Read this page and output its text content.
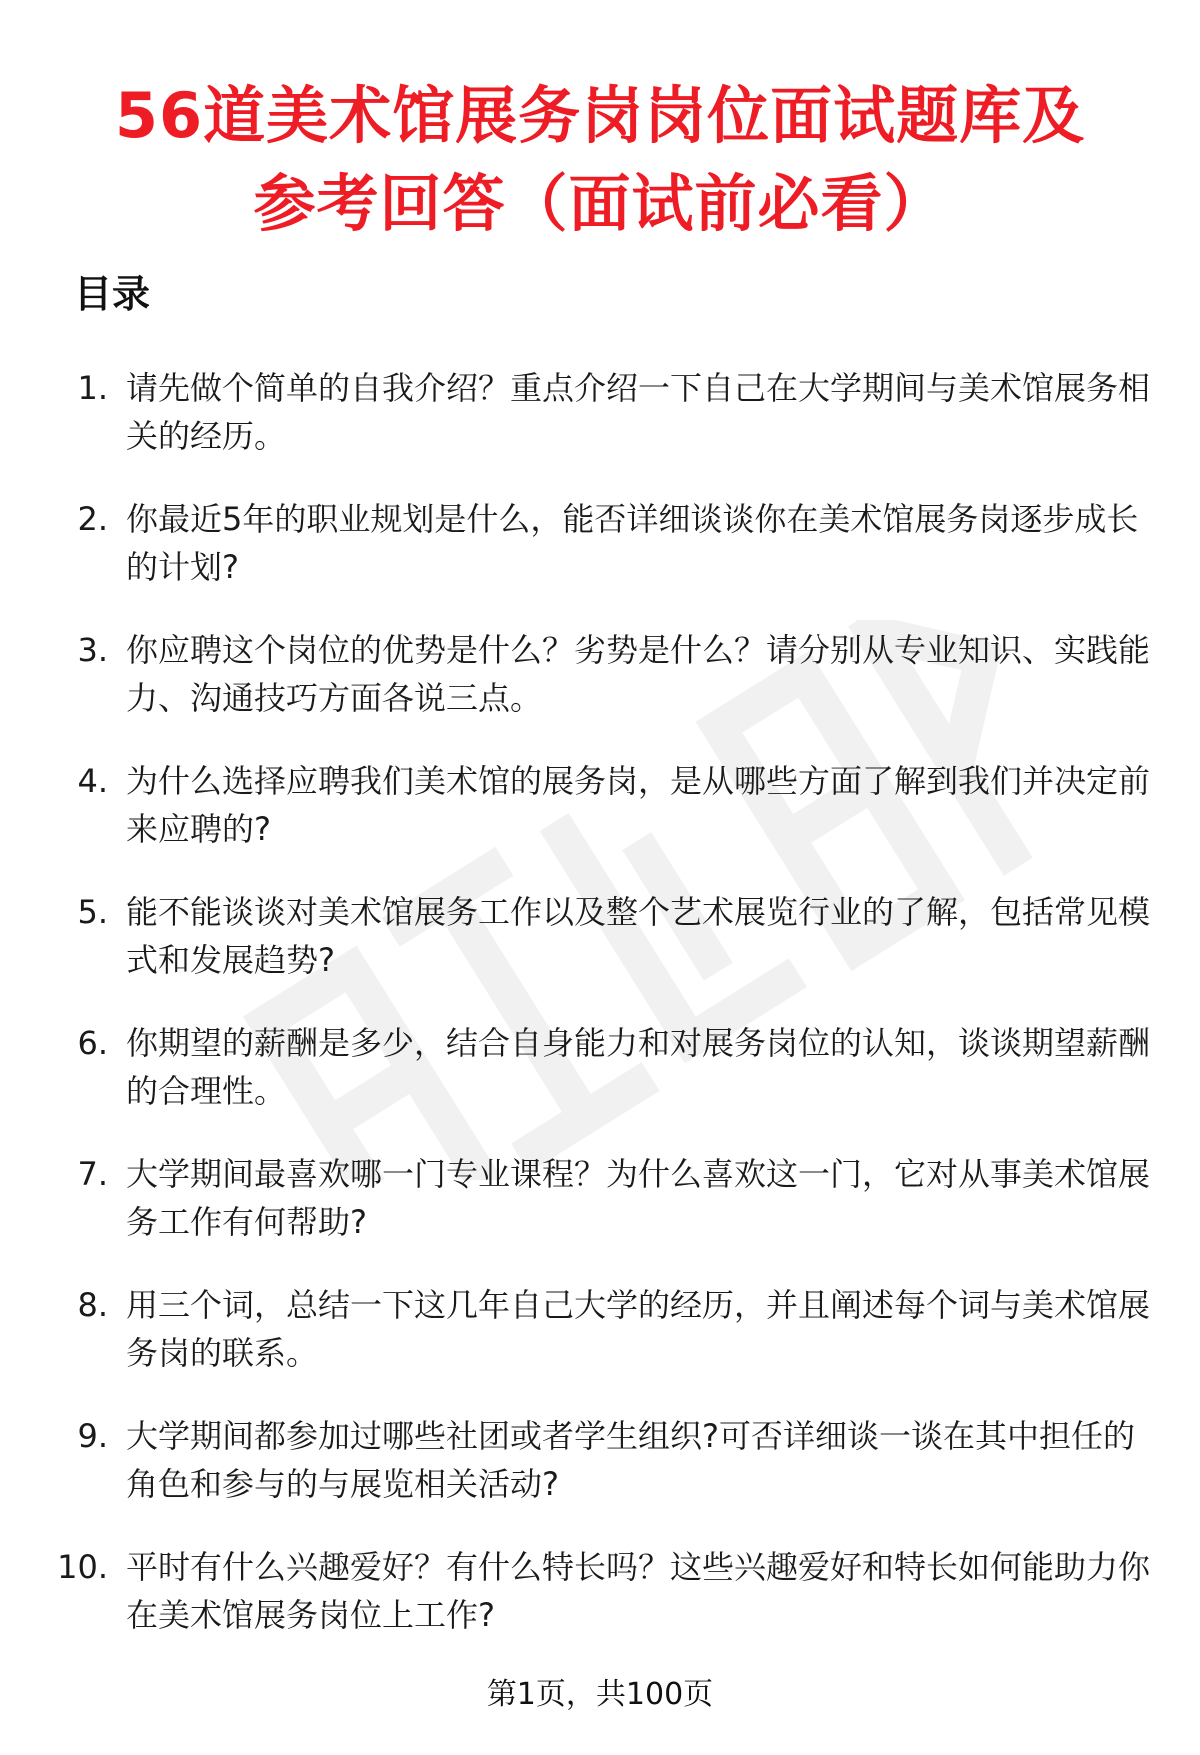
56道美术馆展务岗岗位面试题库及
参考回答（面试前必看）
目录
1. 请先做个简单的自我介绍？重点介绍一下自己在大学期间与美术馆展务相关的经历。
2. 你最近5年的职业规划是什么，能否详细谈谈你在美术馆展务岗逐步成长的计划?
3. 你应聘这个岗位的优势是什么？劣势是什么？请分别从专业知识、实践能力、沟通技巧方面各说三点。
4. 为什么选择应聘我们美术馆的展务岗，是从哪些方面了解到我们并决定前来应聘的?
5. 能不能谈谈对美术馆展务工作以及整个艺术展览行业的了解，包括常见模式和发展趋势?
6. 你期望的薪酬是多少，结合自身能力和对展务岗位的认知，谈谈期望薪酬的合理性。
7. 大学期间最喜欢哪一门专业课程？为什么喜欢这一门，它对从事美术馆展务工作有何帮助?
8. 用三个词，总结一下这几年自己大学的经历，并且阐述每个词与美术馆展务岗的联系。
9. 大学期间都参加过哪些社团或者学生组织?可否详细谈一谈在其中担任的角色和参与的与展览相关活动?
10. 平时有什么兴趣爱好？有什么特长吗？这些兴趣爱好和特长如何能助力你在美术馆展务岗位上工作?
第1页，共100页
